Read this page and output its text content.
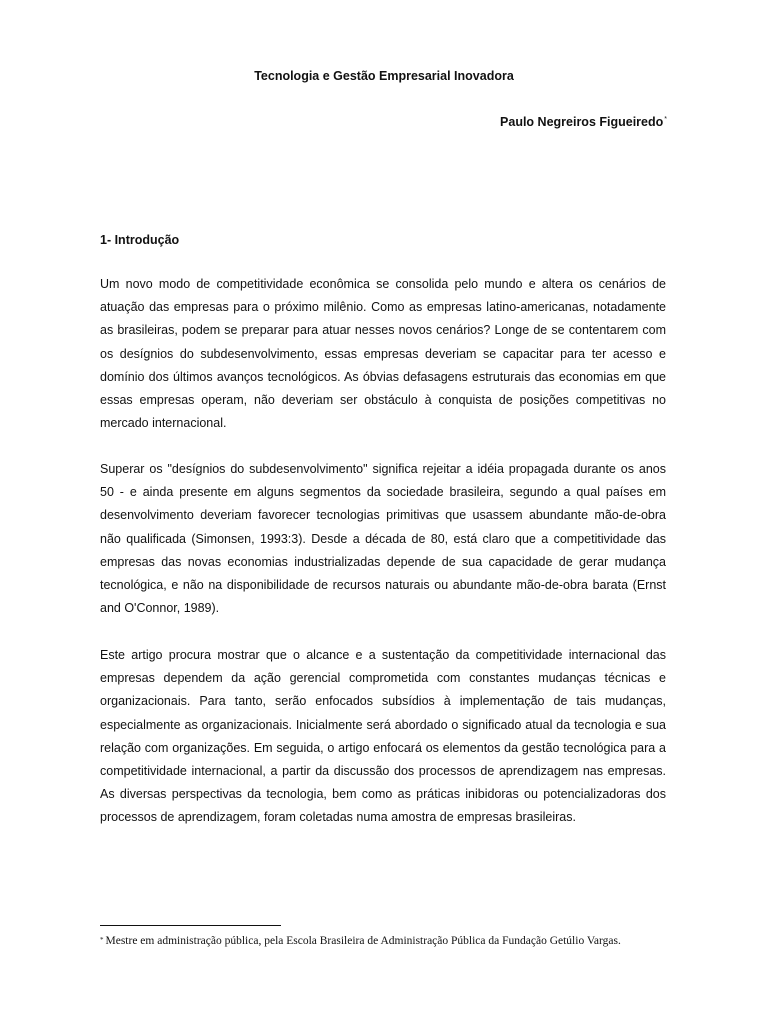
Tecnologia e Gestão Empresarial Inovadora
Paulo Negreiros Figueiredo*
1- Introdução

Um novo modo de competitividade econômica se consolida pelo mundo e altera os cenários de atuação das empresas para o próximo milênio. Como as empresas latino-americanas, notadamente as brasileiras, podem se preparar para atuar nesses novos cenários? Longe de se contentarem com os desígnios do subdesenvolvimento, essas empresas deveriam se capacitar para ter acesso e domínio dos últimos avanços tecnológicos. As óbvias defasagens estruturais das economias em que essas empresas operam, não deveriam ser obstáculo à conquista de posições competitivas no mercado internacional.

Superar os "desígnios do subdesenvolvimento" significa rejeitar a idéia propagada durante os anos 50 - e ainda presente em alguns segmentos da sociedade brasileira, segundo a qual países em desenvolvimento deveriam favorecer tecnologias primitivas que usassem abundante mão-de-obra não qualificada (Simonsen, 1993:3). Desde a década de 80, está claro que a competitividade das empresas das novas economias industrializadas depende de sua capacidade de gerar mudança tecnológica, e não na disponibilidade de recursos naturais ou abundante mão-de-obra barata (Ernst and O'Connor, 1989).

Este artigo procura mostrar que o alcance e a sustentação da competitividade internacional das empresas dependem da ação gerencial comprometida com constantes mudanças técnicas e organizacionais. Para tanto, serão enfocados subsídios à implementação de tais mudanças, especialmente as organizacionais. Inicialmente será abordado o significado atual da tecnologia e sua relação com organizações. Em seguida, o artigo enfocará os elementos da gestão tecnológica para a competitividade internacional, a partir da discussão dos processos de aprendizagem nas empresas. As diversas perspectivas da tecnologia, bem como as práticas inibidoras ou potencializadoras dos processos de aprendizagem, foram coletadas numa amostra de empresas brasileiras.

* Mestre em administração pública, pela Escola Brasileira de Administração Pública da Fundação Getúlio Vargas.
